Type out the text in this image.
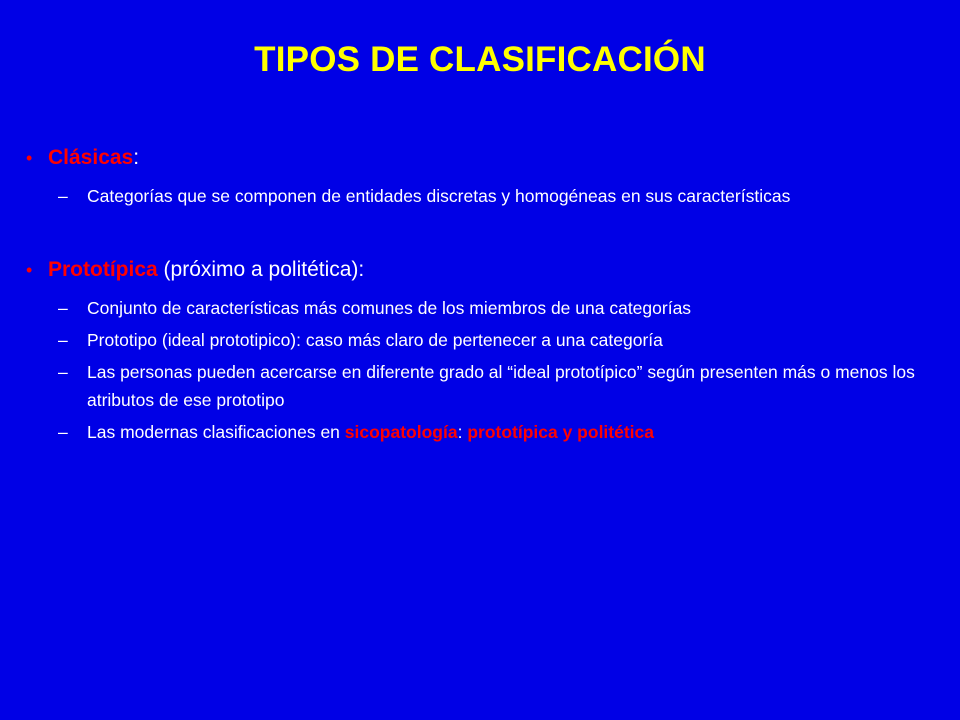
TIPOS DE CLASIFICACIÓN

• Clásicas:

– Categorías que se componen de entidades discretas y homogéneas en sus características

• Prototípica (próximo a politética):

– Conjunto de características más comunes de los miembros de una categorías

– Prototipo (ideal prototipico): caso más claro de pertenecer a una categoría

– Las personas pueden acercarse en diferente grado al “ideal prototípico” según presenten más o menos los atributos de ese prototipo

– Las modernas clasificaciones en sicopatología: prototípica y politética
